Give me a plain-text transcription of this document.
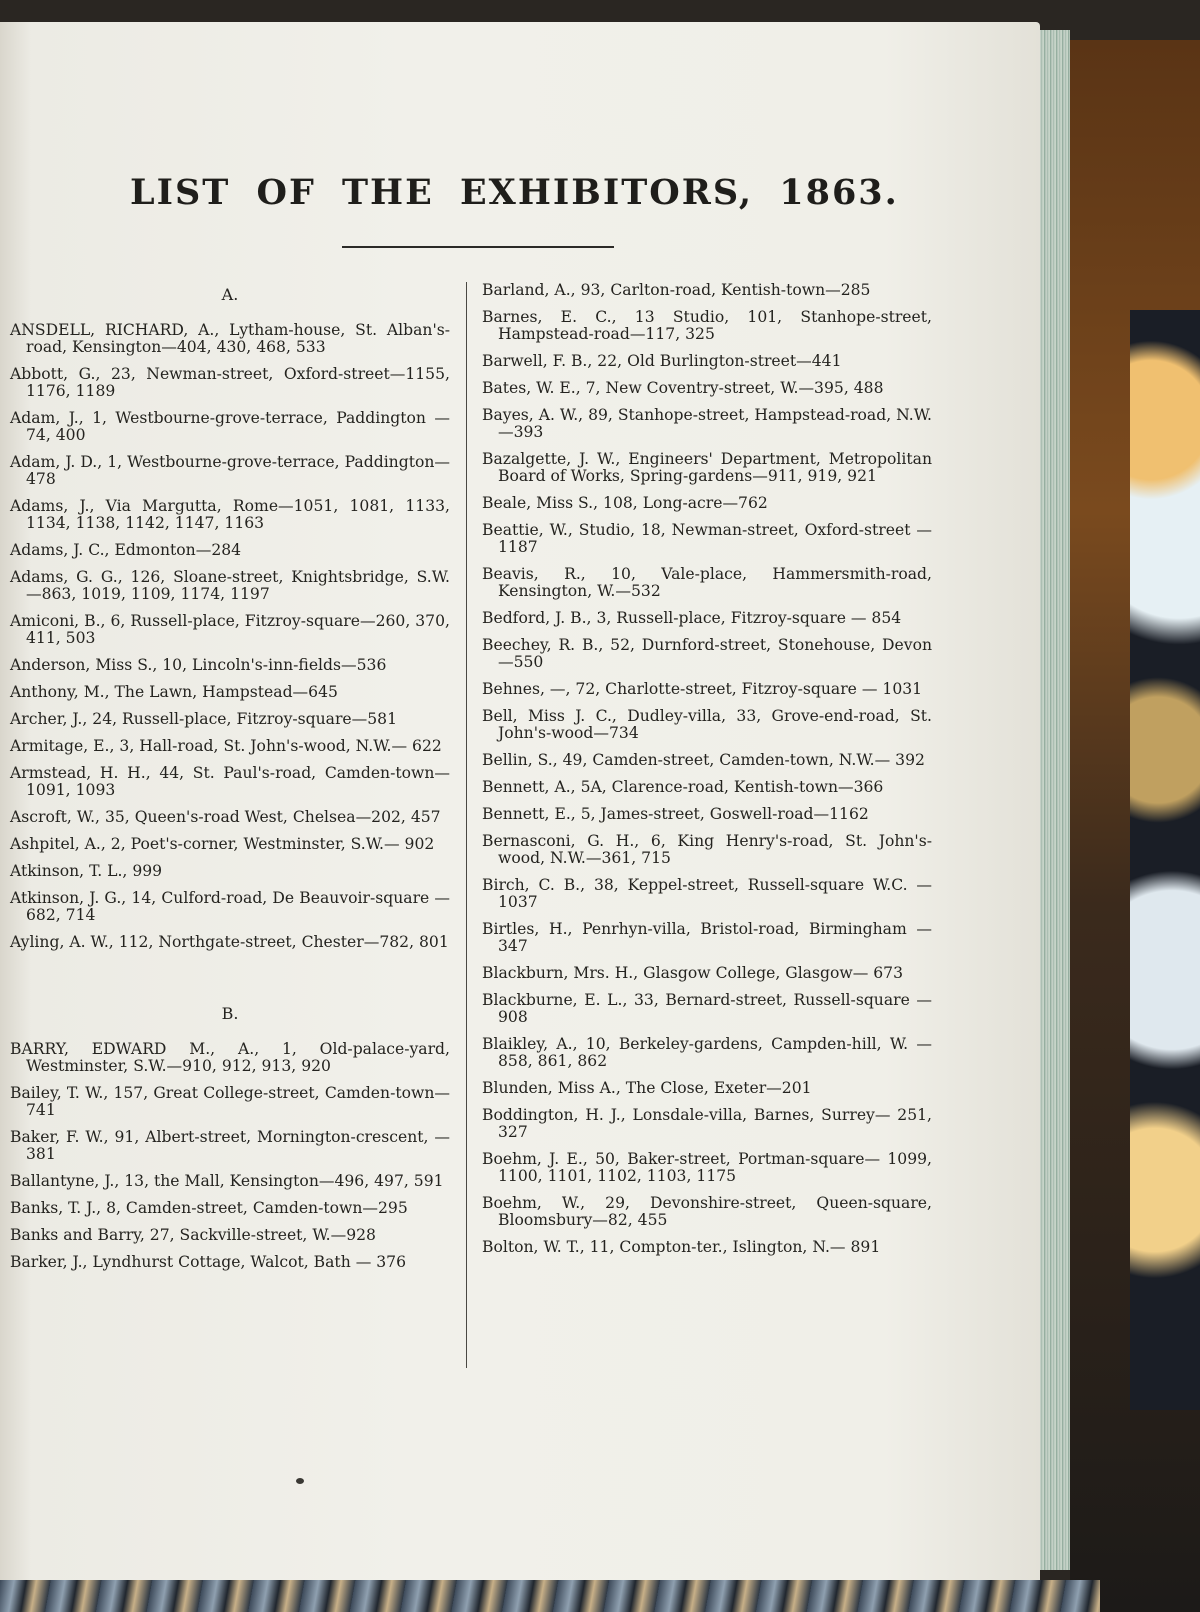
LIST OF THE EXHIBITORS, 1863.
A.
ANSDELL, RICHARD, A., Lytham-house, St. Alban's-road, Kensington—404, 430, 468, 533
Abbott, G., 23, Newman-street, Oxford-street—1155, 1176, 1189
Adam, J., 1, Westbourne-grove-terrace, Paddington —74, 400
Adam, J. D., 1, Westbourne-grove-terrace, Paddington—478
Adams, J., Via Margutta, Rome—1051, 1081, 1133, 1134, 1138, 1142, 1147, 1163
Adams, J. C., Edmonton—284
Adams, G. G., 126, Sloane-street, Knightsbridge, S.W. —863, 1019, 1109, 1174, 1197
Amiconi, B., 6, Russell-place, Fitzroy-square—260, 370, 411, 503
Anderson, Miss S., 10, Lincoln's-inn-fields—536
Anthony, M., The Lawn, Hampstead—645
Archer, J., 24, Russell-place, Fitzroy-square—581
Armitage, E., 3, Hall-road, St. John's-wood, N.W.— 622
Armstead, H. H., 44, St. Paul's-road, Camden-town— 1091, 1093
Ascroft, W., 35, Queen's-road West, Chelsea—202, 457
Ashpitel, A., 2, Poet's-corner, Westminster, S.W.— 902
Atkinson, T. L., 999
Atkinson, J. G., 14, Culford-road, De Beauvoir-square —682, 714
Ayling, A. W., 112, Northgate-street, Chester—782, 801
B.
BARRY, EDWARD M., A., 1, Old-palace-yard, Westminster, S.W.—910, 912, 913, 920
Bailey, T. W., 157, Great College-street, Camden-town—741
Baker, F. W., 91, Albert-street, Mornington-crescent, —381
Ballantyne, J., 13, the Mall, Kensington—496, 497, 591
Banks, T. J., 8, Camden-street, Camden-town—295
Banks and Barry, 27, Sackville-street, W.—928
Barker, J., Lyndhurst Cottage, Walcot, Bath — 376
Barland, A., 93, Carlton-road, Kentish-town—285
Barnes, E. C., 13 Studio, 101, Stanhope-street, Hampstead-road—117, 325
Barwell, F. B., 22, Old Burlington-street—441
Bates, W. E., 7, New Coventry-street, W.—395, 488
Bayes, A. W., 89, Stanhope-street, Hampstead-road, N.W.—393
Bazalgette, J. W., Engineers' Department, Metropolitan Board of Works, Spring-gardens—911, 919, 921
Beale, Miss S., 108, Long-acre—762
Beattie, W., Studio, 18, Newman-street, Oxford-street —1187
Beavis, R., 10, Vale-place, Hammersmith-road, Kensington, W.—532
Bedford, J. B., 3, Russell-place, Fitzroy-square — 854
Beechey, R. B., 52, Durnford-street, Stonehouse, Devon—550
Behnes, —, 72, Charlotte-street, Fitzroy-square — 1031
Bell, Miss J. C., Dudley-villa, 33, Grove-end-road, St. John's-wood—734
Bellin, S., 49, Camden-street, Camden-town, N.W.— 392
Bennett, A., 5A, Clarence-road, Kentish-town—366
Bennett, E., 5, James-street, Goswell-road—1162
Bernasconi, G. H., 6, King Henry's-road, St. John's-wood, N.W.—361, 715
Birch, C. B., 38, Keppel-street, Russell-square W.C. —1037
Birtles, H., Penrhyn-villa, Bristol-road, Birmingham —347
Blackburn, Mrs. H., Glasgow College, Glasgow— 673
Blackburne, E. L., 33, Bernard-street, Russell-square —908
Blaikley, A., 10, Berkeley-gardens, Campden-hill, W. —858, 861, 862
Blunden, Miss A., The Close, Exeter—201
Boddington, H. J., Lonsdale-villa, Barnes, Surrey— 251, 327
Boehm, J. E., 50, Baker-street, Portman-square— 1099, 1100, 1101, 1102, 1103, 1175
Boehm, W., 29, Devonshire-street, Queen-square, Bloomsbury—82, 455
Bolton, W. T., 11, Compton-ter., Islington, N.— 891
